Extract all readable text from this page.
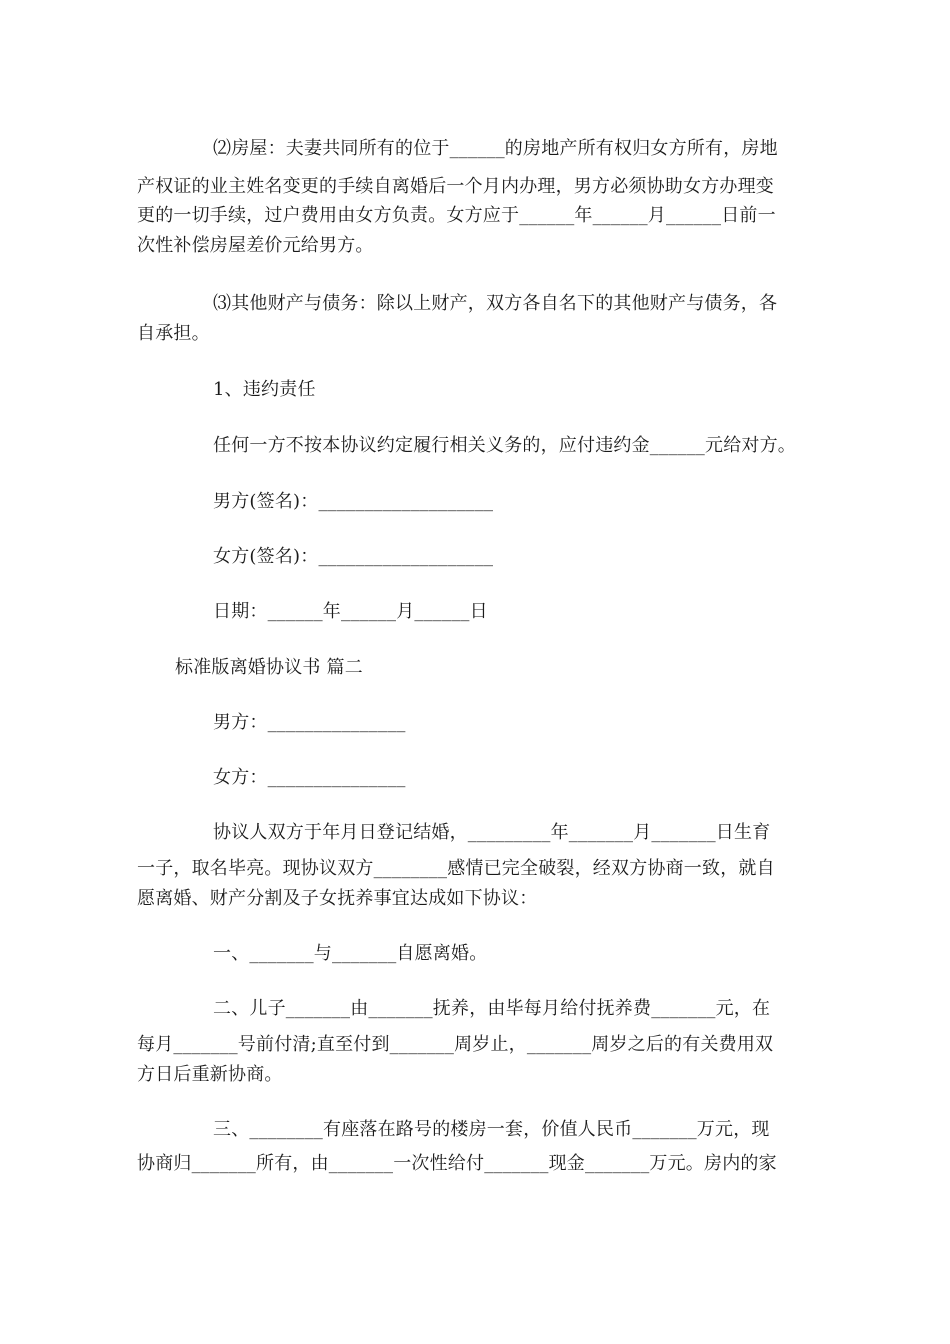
⑵房屋：夫妻共同所有的位于______的房地产所有权归女方所有，房地
产权证的业主姓名变更的手续自离婚后一个月内办理，男方必须协助女方办理变
更的一切手续，过户费用由女方负责。女方应于______年______月______日前一
次性补偿房屋差价元给男方。
⑶其他财产与债务：除以上财产，双方各自名下的其他财产与债务，各
自承担。
1、违约责任
任何一方不按本协议约定履行相关义务的，应付违约金______元给对方。
男方(签名)：___________________
女方(签名)：___________________
日期：______年______月______日
标准版离婚协议书 篇二
男方：_______________
女方：_______________
协议人双方于年月日登记结婚，_________年_______月_______日生育
一子，取名毕亮。现协议双方________感情已完全破裂，经双方协商一致，就自
愿离婚、财产分割及子女抚养事宜达成如下协议：
一、_______与_______自愿离婚。
二、儿子_______由_______抚养，由毕每月给付抚养费_______元，在
每月_______号前付清;直至付到_______周岁止，_______周岁之后的有关费用双
方日后重新协商。
三、________有座落在路号的楼房一套，价值人民币_______万元，现
协商归_______所有，由_______一次性给付_______现金_______万元。房内的家
